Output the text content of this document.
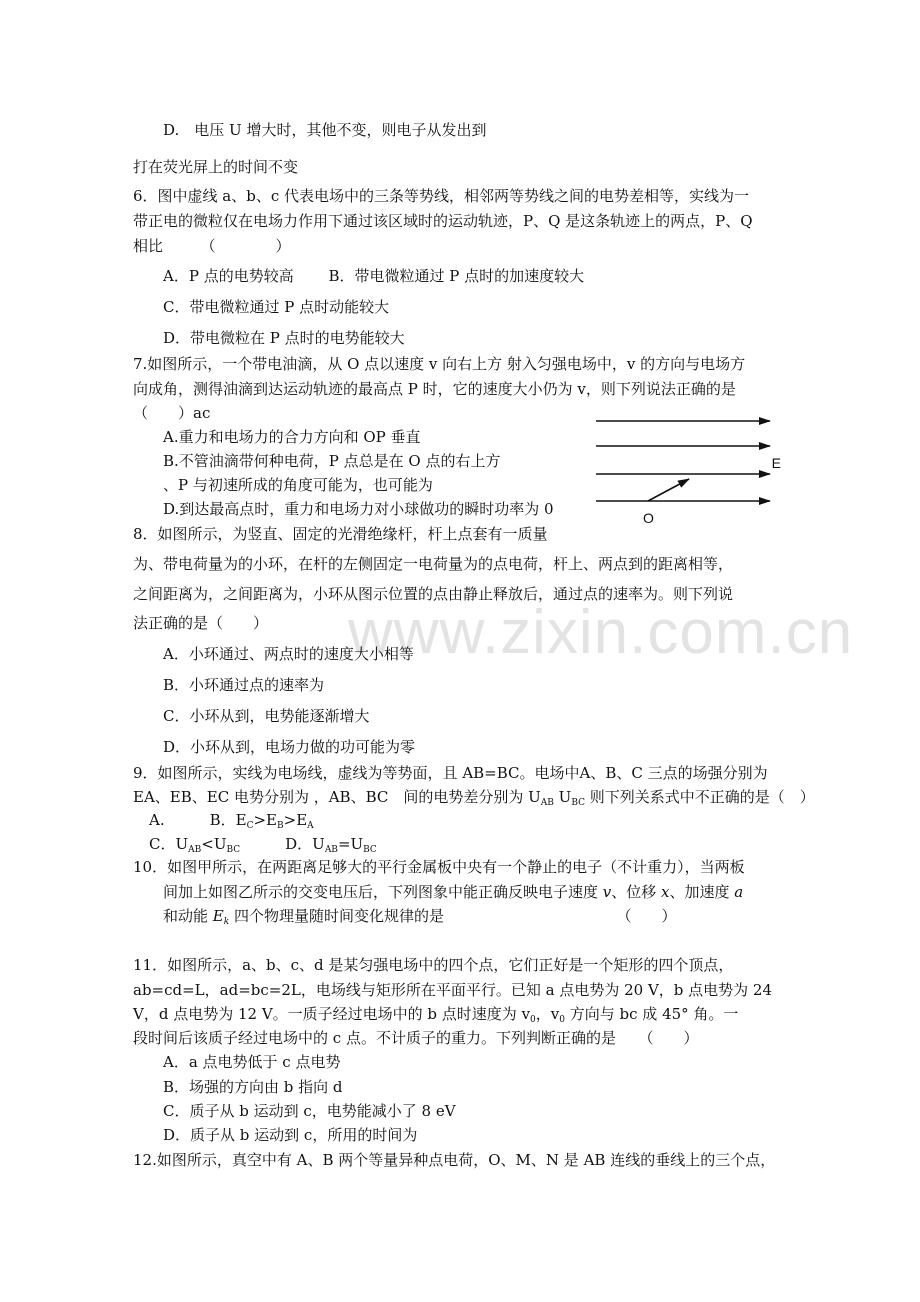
www.zixin.com.cn
D.　电压 U 增大时，其他不变，则电子从发出到
打在荧光屏上的时间不变
6．图中虚线 a、b、c 代表电场中的三条等势线，相邻两等势线之间的电势差相等，实线为一
带正电的微粒仅在电场力作用下通过该区域时的运动轨迹，P、Q 是这条轨迹上的两点，P、Q
相比　　　（　　　　）
A．P 点的电势较高　　 B．带电微粒通过 P 点时的加速度较大
C．带电微粒通过 P 点时动能较大
D．带电微粒在 P 点时的电势能较大
7.如图所示，一个带电油滴，从 O 点以速度 v 向右上方 射入匀强电场中，v 的方向与电场方
向成角，测得油滴到达运动轨迹的最高点 P 时，它的速度大小仍为 v，则下列说法正确的是
（　　）ac
A.重力和电场力的合力方向和 OP 垂直
B.不管油滴带何种电荷，P 点总是在 O 点的右上方
、P 与初速所成的角度可能为，也可能为
D.到达最高点时，重力和电场力对小球做功的瞬时功率为 0
E
O
8．如图所示，为竖直、固定的光滑绝缘杆，杆上点套有一质量
为、带电荷量为的小环，在杆的左侧固定一电荷量为的点电荷，杆上、两点到的距离相等，
之间距离为，之间距离为，小环从图示位置的点由静止释放后，通过点的速率为。则下列说
法正确的是（　　）
A．小环通过、两点时的速度大小相等
B．小环通过点的速率为
C．小环从到，电势能逐渐增大
D．小环从到，电场力做的功可能为零
9．如图所示，实线为电场线，虚线为等势面，且 AB=BC。电场中A、B、C 三点的场强分别为
EA、EB、EC 电势分别为 ，AB、BC　间的电势差分别为 $U_{AB}$ $U_{BC}$ 则下列关系式中不正确的是（　）
A.　　　B．$E_C>E_B>E_A$
C．$U_{AB}<U_{BC}$　　　D．$U_{AB}=U_{BC}$
10．如图甲所示，在两距离足够大的平行金属板中央有一个静止的电子（不计重力），当两板
间加上如图乙所示的交变电压后，下列图象中能正确反映电子速度 v、位移 x、加速度 a
和动能 $E_k$ 四个物理量随时间变化规律的是　　　　　　　　　　　　（　　）
11．如图所示，a、b、c、d 是某匀强电场中的四个点，它们正好是一个矩形的四个顶点，
ab=cd=L，ad=bc=2L，电场线与矩形所在平面平行。已知 a 点电势为 20 V，b 点电势为 24
V，d 点电势为 12 V。一质子经过电场中的 b 点时速度为 $v_0$，$v_0$ 方向与 bc 成 45° 角。一
段时间后该质子经过电场中的 c 点。不计质子的重力。下列判断正确的是　　（　　）
A．a 点电势低于 c 点电势
B．场强的方向由 b 指向 d
C．质子从 b 运动到 c，电势能减小了 8 eV
D．质子从 b 运动到 c，所用的时间为
12.如图所示，真空中有 A、B 两个等量异种点电荷，O、M、N 是 AB 连线的垂线上的三个点，
